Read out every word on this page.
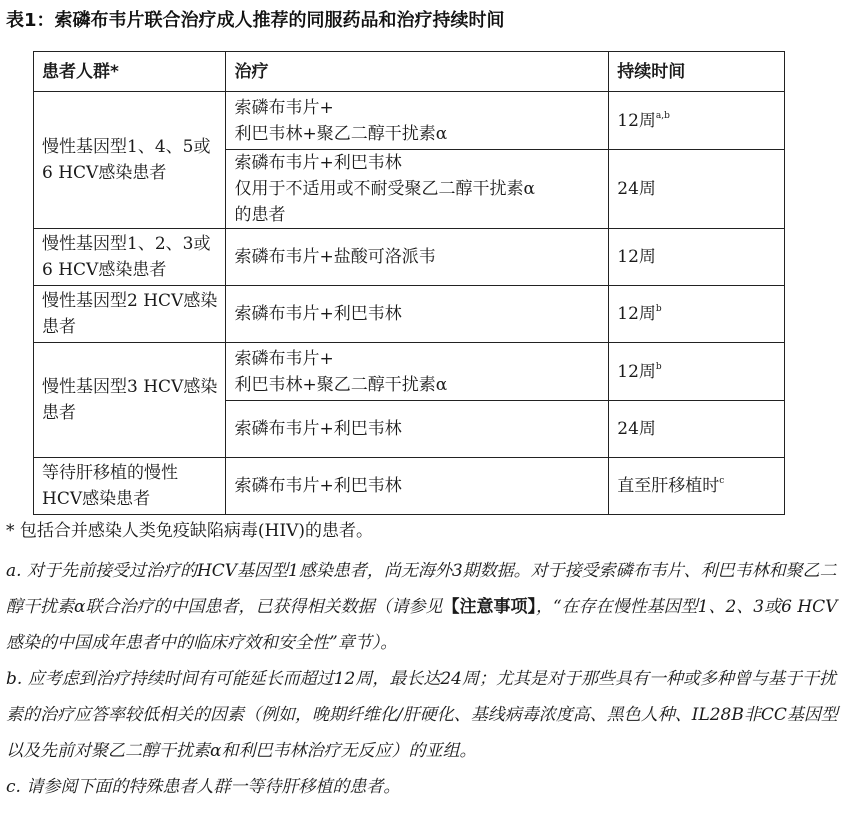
表1：索磷布韦片联合治疗成人推荐的同服药品和治疗持续时间
患者人群*	治疗	持续时间
慢性基因型1、4、5或6 HCV感染患者	索磷布韦片+
利巴韦林+聚乙二醇干扰素α	12周$^{a,b}$

	索磷布韦片+利巴韦林
仅用于不适用或不耐受聚乙二醇干扰素α
的患者	24周
慢性基因型1、2、3或6 HCV感染患者	索磷布韦片+盐酸可洛派韦	12周
慢性基因型2 HCV感染患者	索磷布韦片+利巴韦林	12周$^b$
慢性基因型3 HCV感染患者	索磷布韦片+
利巴韦林+聚乙二醇干扰素α	12周$^b$

	索磷布韦片+利巴韦林	24周
等待肝移植的慢性HCV感染患者	索磷布韦片+利巴韦林	直至肝移植时$^c$

* 包括合并感染人类免疫缺陷病毒(HIV)的患者。

a. 对于先前接受过治疗的HCV基因型1感染患者，尚无海外3期数据。对于接受索磷布韦片、利巴韦林和聚乙二醇干扰素α联合治疗的中国患者，已获得相关数据（请参见【注意事项】，“在存在慢性基因型1、2、3或6 HCV感染的中国成年患者中的临床疗效和安全性”章节）。

b. 应考虑到治疗持续时间有可能延长而超过12周，最长达24周；尤其是对于那些具有一种或多种曾与基于干扰素的治疗应答率较低相关的因素（例如，晚期纤维化/肝硬化、基线病毒浓度高、黑色人种、IL28B非CC基因型以及先前对聚乙二醇干扰素α和利巴韦林治疗无反应）的亚组。

c. 请参阅下面的特殊患者人群一等待肝移植的患者。
